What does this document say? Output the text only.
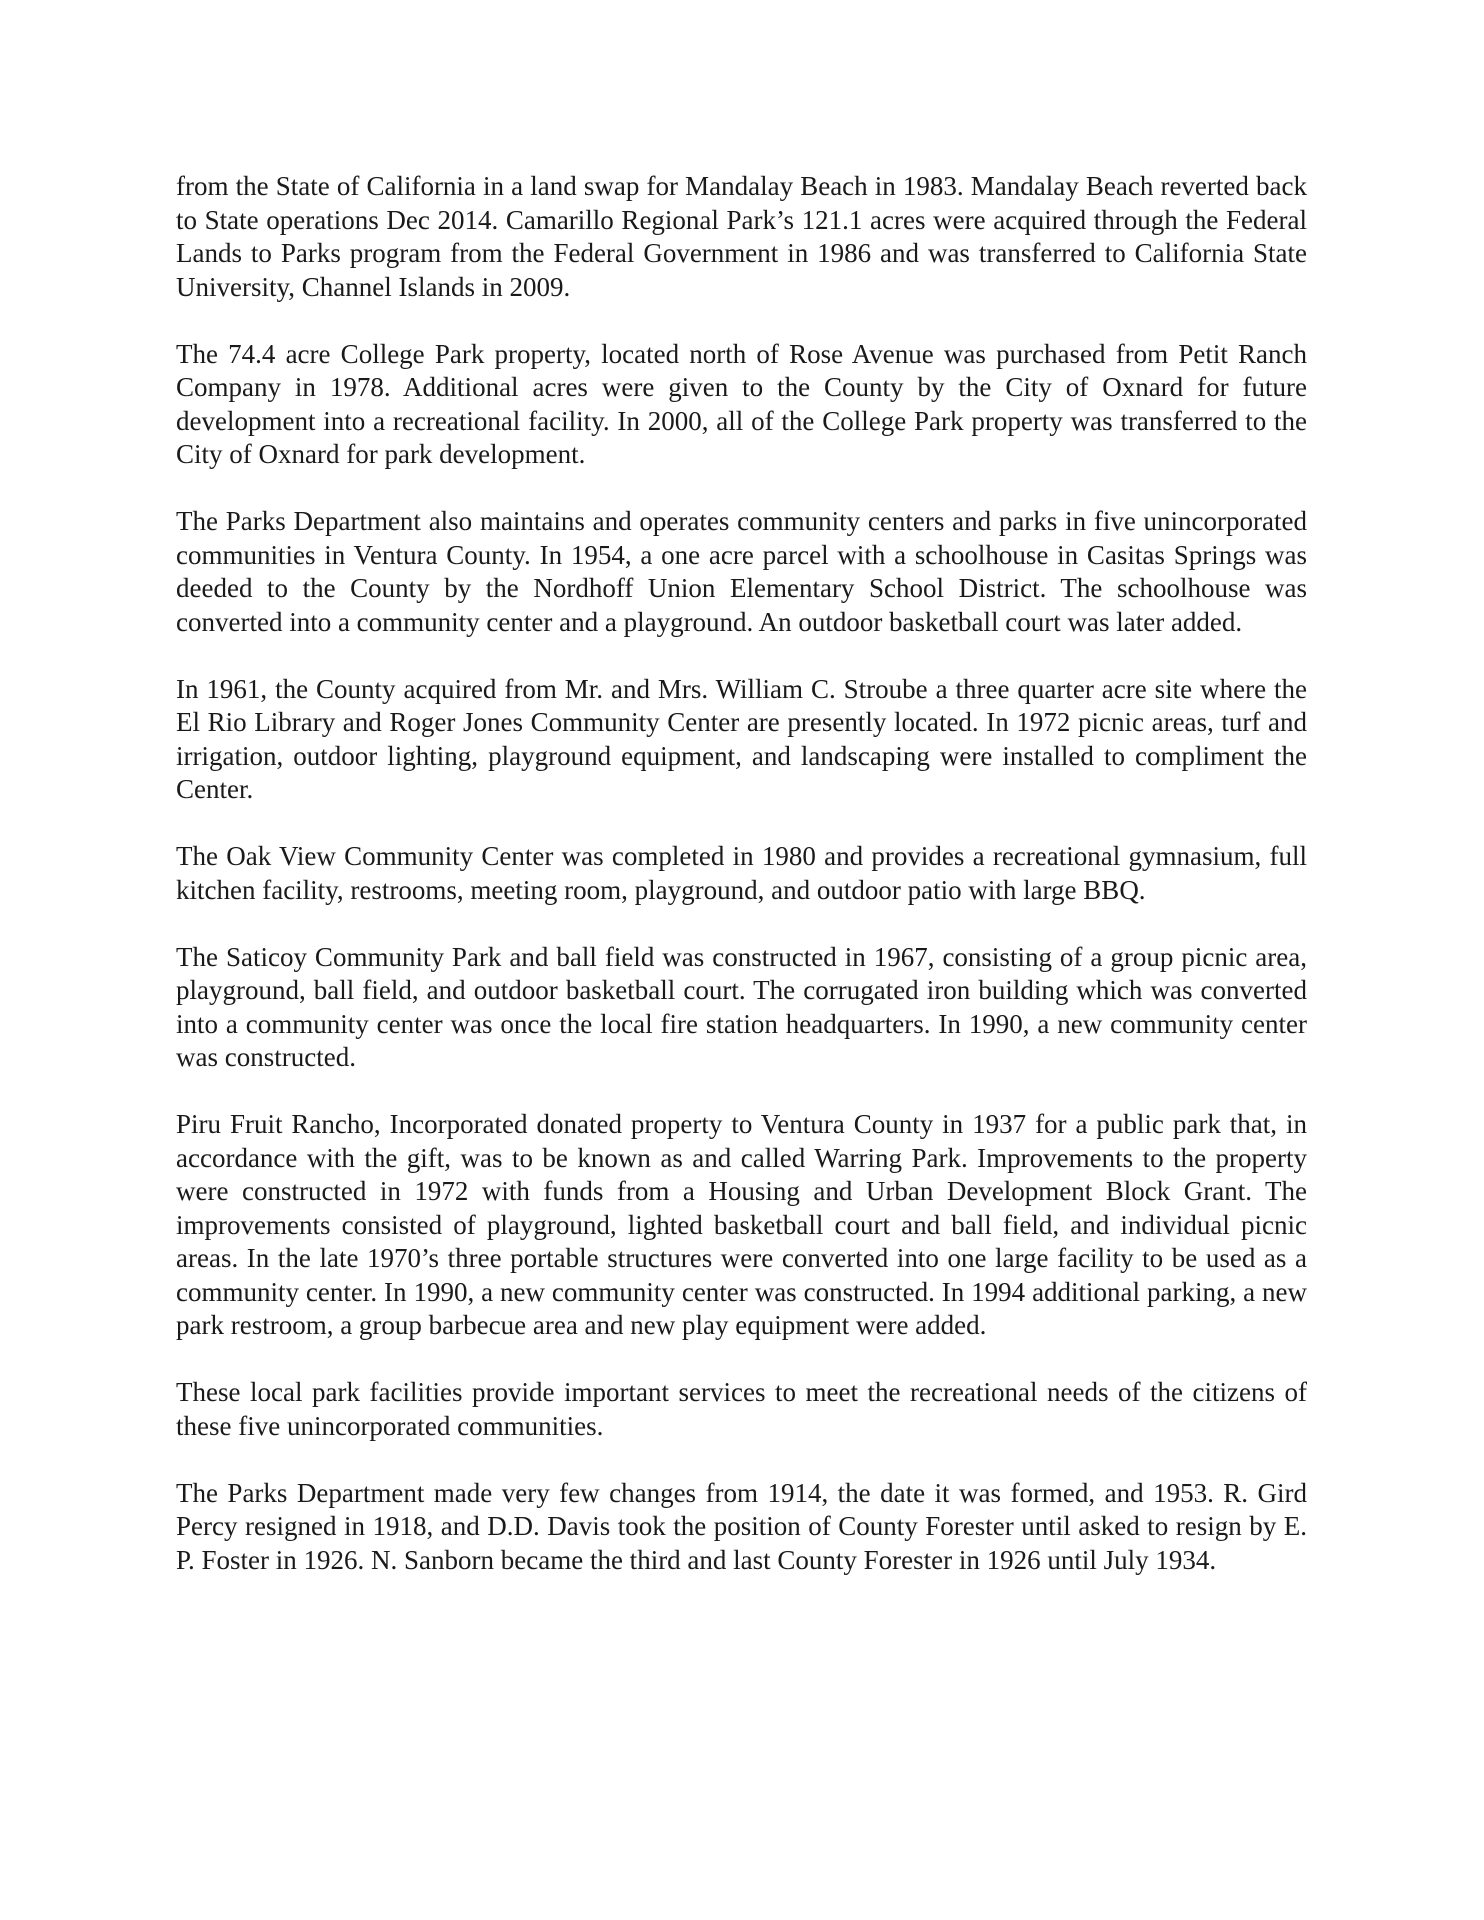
from the State of California in a land swap for Mandalay Beach in 1983. Mandalay Beach reverted back to State operations Dec 2014. Camarillo Regional Park’s 121.1 acres were acquired through the Federal Lands to Parks program from the Federal Government in 1986 and was transferred to California State University, Channel Islands in 2009.

The 74.4 acre College Park property, located north of Rose Avenue was purchased from Petit Ranch Company in 1978. Additional acres were given to the County by the City of Oxnard for future development into a recreational facility. In 2000, all of the College Park property was transferred to the City of Oxnard for park development.

The Parks Department also maintains and operates community centers and parks in five unincorporated communities in Ventura County. In 1954, a one acre parcel with a schoolhouse in Casitas Springs was deeded to the County by the Nordhoff Union Elementary School District. The schoolhouse was converted into a community center and a playground. An outdoor basketball court was later added.

In 1961, the County acquired from Mr. and Mrs. William C. Stroube a three quarter acre site where the El Rio Library and Roger Jones Community Center are presently located. In 1972 picnic areas, turf and irrigation, outdoor lighting, playground equipment, and landscaping were installed to compliment the Center.

The Oak View Community Center was completed in 1980 and provides a recreational gymnasium, full kitchen facility, restrooms, meeting room, playground, and outdoor patio with large BBQ.

The Saticoy Community Park and ball field was constructed in 1967, consisting of a group picnic area, playground, ball field, and outdoor basketball court. The corrugated iron building which was converted into a community center was once the local fire station headquarters. In 1990, a new community center was constructed.

Piru Fruit Rancho, Incorporated donated property to Ventura County in 1937 for a public park that, in accordance with the gift, was to be known as and called Warring Park. Improvements to the property were constructed in 1972 with funds from a Housing and Urban Development Block Grant. The improvements consisted of playground, lighted basketball court and ball field, and individual picnic areas. In the late 1970’s three portable structures were converted into one large facility to be used as a community center. In 1990, a new community center was constructed. In 1994 additional parking, a new park restroom, a group barbecue area and new play equipment were added.

These local park facilities provide important services to meet the recreational needs of the citizens of these five unincorporated communities.

The Parks Department made very few changes from 1914, the date it was formed, and 1953. R. Gird Percy resigned in 1918, and D.D. Davis took the position of County Forester until asked to resign by E. P. Foster in 1926. N. Sanborn became the third and last County Forester in 1926 until July 1934.
